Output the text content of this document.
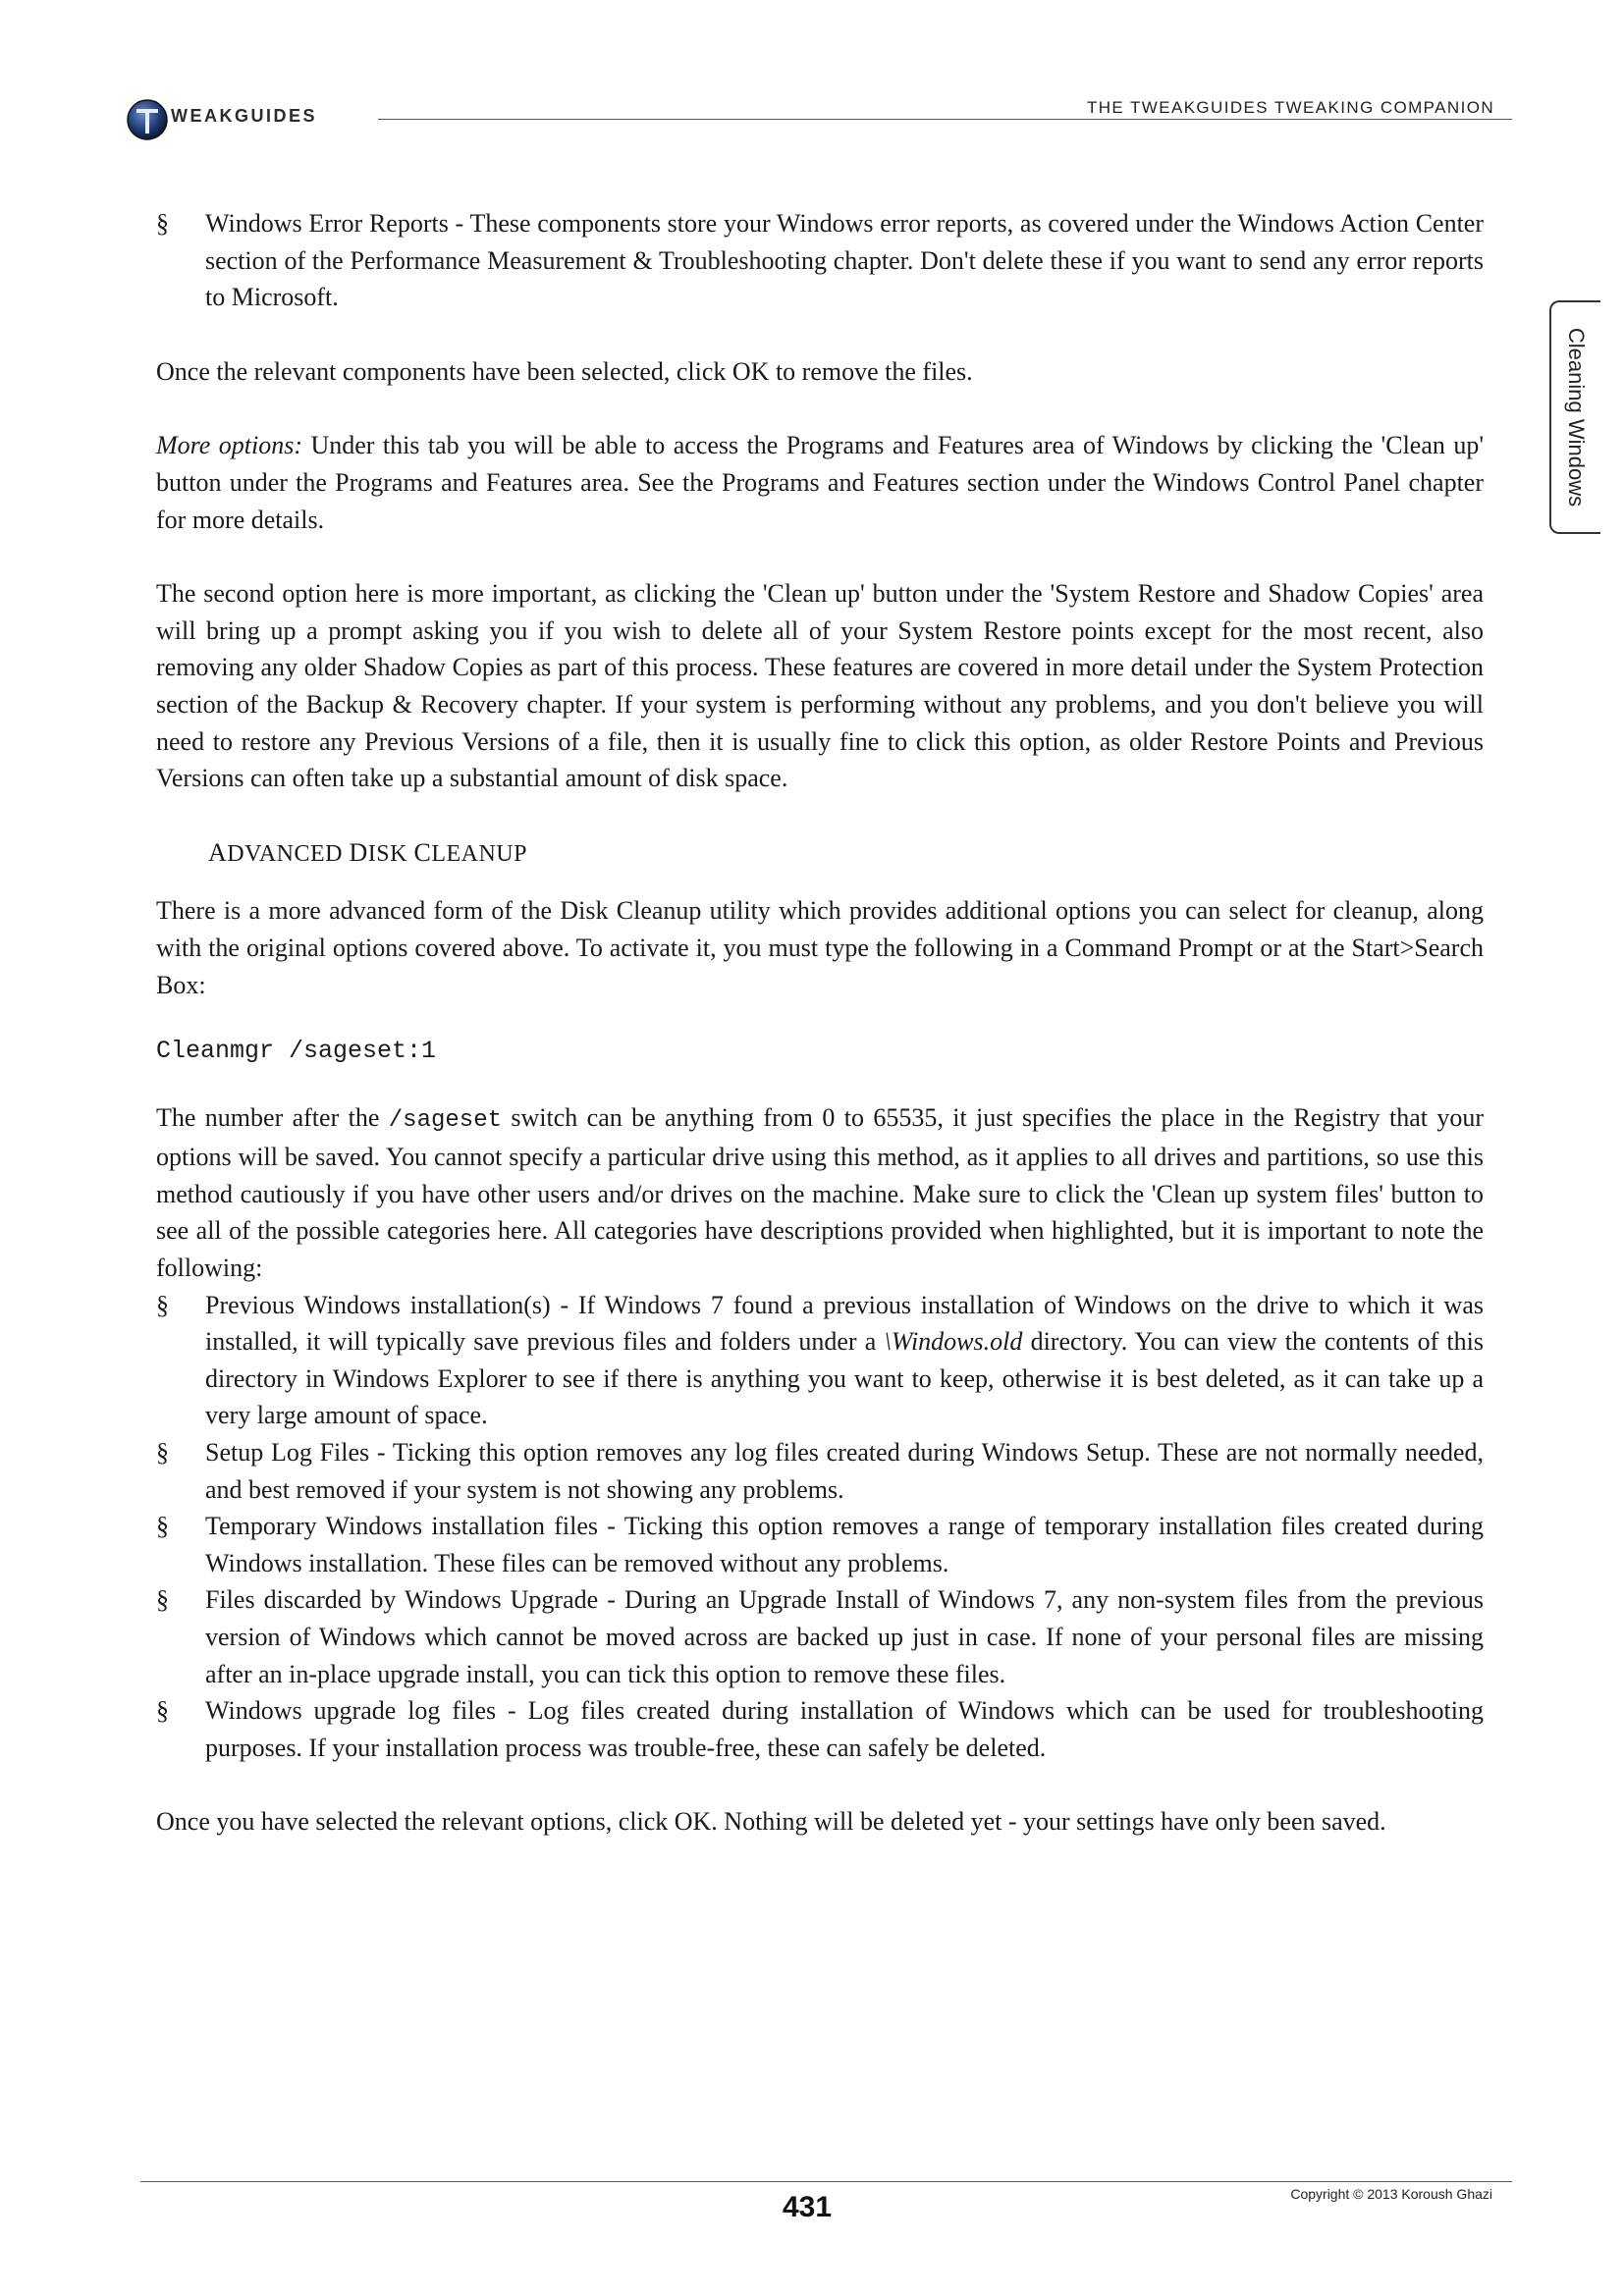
WEAKGUIDES	THE TWEAKGUIDES TWEAKING COMPANION
Cleaning Windows
§ Windows Error Reports - These components store your Windows error reports, as covered under the Windows Action Center section of the Performance Measurement & Troubleshooting chapter. Don't delete these if you want to send any error reports to Microsoft.

Once the relevant components have been selected, click OK to remove the files.

More options: Under this tab you will be able to access the Programs and Features area of Windows by clicking the 'Clean up' button under the Programs and Features area. See the Programs and Features section under the Windows Control Panel chapter for more details.

The second option here is more important, as clicking the 'Clean up' button under the 'System Restore and Shadow Copies' area will bring up a prompt asking you if you wish to delete all of your System Restore points except for the most recent, also removing any older Shadow Copies as part of this process. These features are covered in more detail under the System Protection section of the Backup & Recovery chapter. If your system is performing without any problems, and you don't believe you will need to restore any Previous Versions of a file, then it is usually fine to click this option, as older Restore Points and Previous Versions can often take up a substantial amount of disk space.

ADVANCED DISK CLEANUP

There is a more advanced form of the Disk Cleanup utility which provides additional options you can select for cleanup, along with the original options covered above. To activate it, you must type the following in a Command Prompt or at the Start>Search Box:

Cleanmgr /sageset:1

The number after the /sageset switch can be anything from 0 to 65535, it just specifies the place in the Registry that your options will be saved. You cannot specify a particular drive using this method, as it applies to all drives and partitions, so use this method cautiously if you have other users and/or drives on the machine. Make sure to click the 'Clean up system files' button to see all of the possible categories here. All categories have descriptions provided when highlighted, but it is important to note the following:

§ Previous Windows installation(s) - If Windows 7 found a previous installation of Windows on the drive to which it was installed, it will typically save previous files and folders under a \Windows.old directory. You can view the contents of this directory in Windows Explorer to see if there is anything you want to keep, otherwise it is best deleted, as it can take up a very large amount of space.
§ Setup Log Files - Ticking this option removes any log files created during Windows Setup. These are not normally needed, and best removed if your system is not showing any problems.
§ Temporary Windows installation files - Ticking this option removes a range of temporary installation files created during Windows installation. These files can be removed without any problems.
§ Files discarded by Windows Upgrade - During an Upgrade Install of Windows 7, any non-system files from the previous version of Windows which cannot be moved across are backed up just in case. If none of your personal files are missing after an in-place upgrade install, you can tick this option to remove these files.
§ Windows upgrade log files - Log files created during installation of Windows which can be used for troubleshooting purposes. If your installation process was trouble-free, these can safely be deleted.

Once you have selected the relevant options, click OK. Nothing will be deleted yet - your settings have only been saved.

Copyright © 2013 Koroush Ghazi
431
